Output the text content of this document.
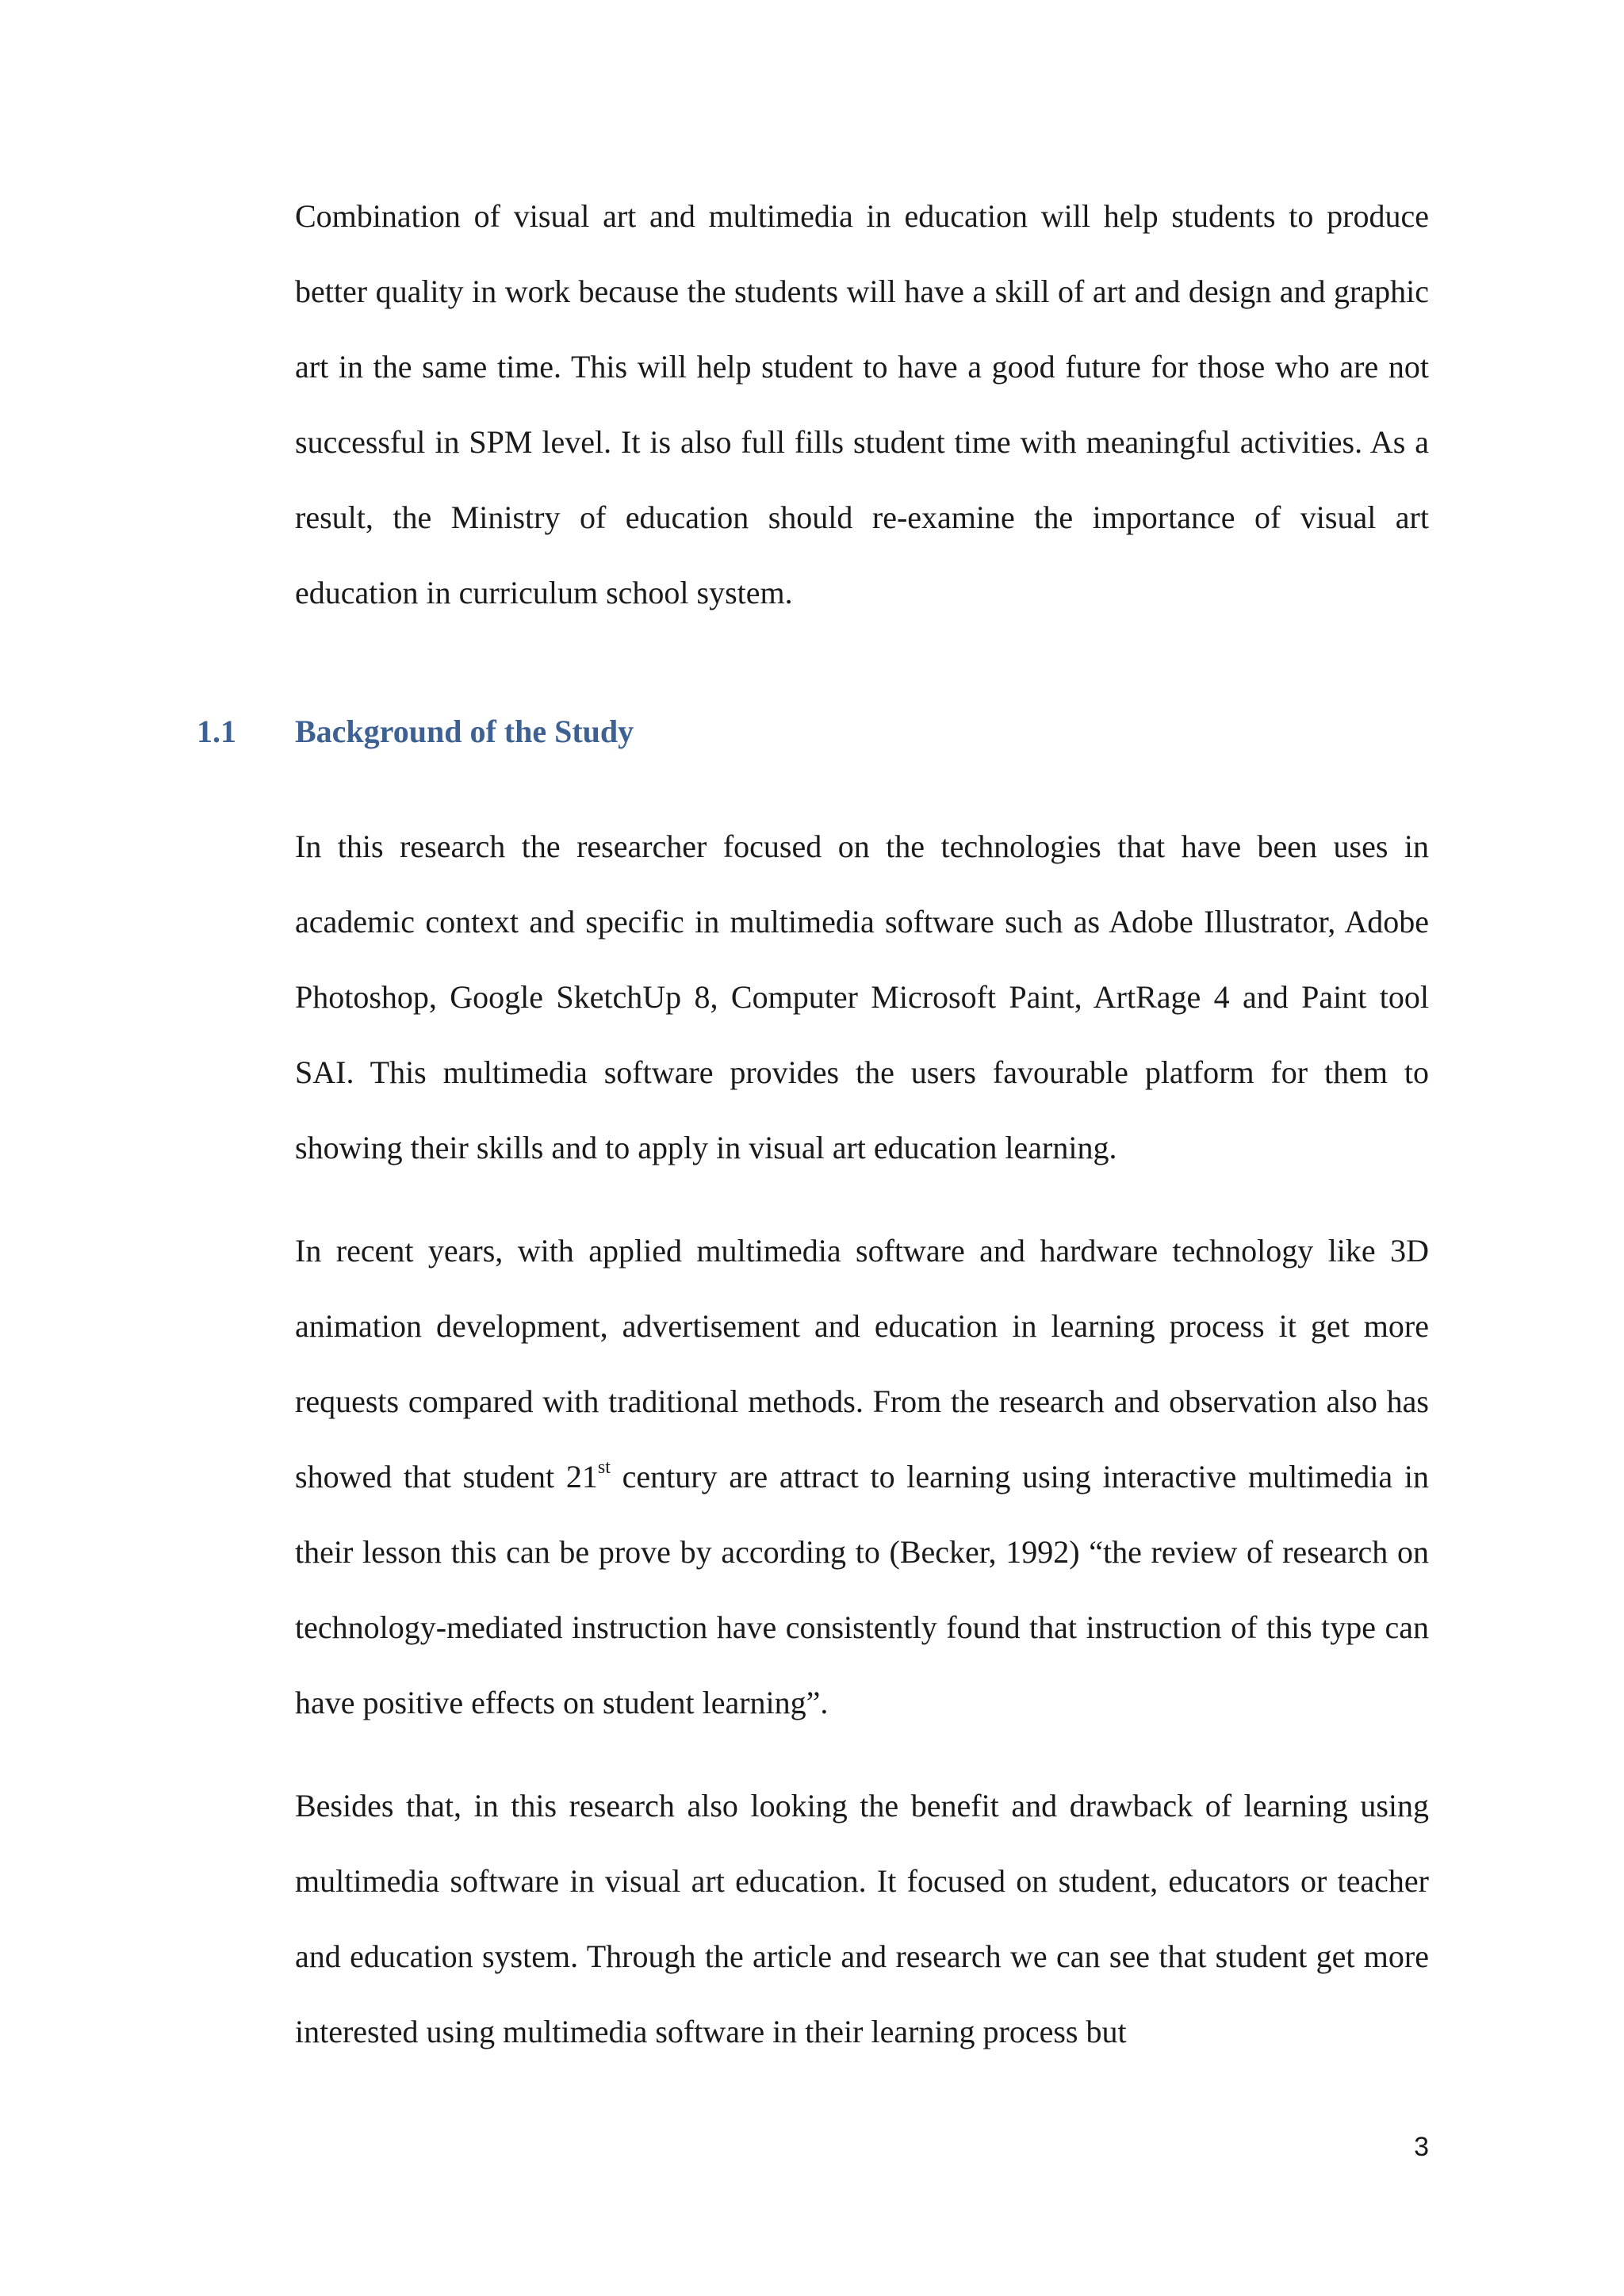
Combination of visual art and multimedia in education will help students to produce better quality in work because the students will have a skill of art and design and graphic art in the same time. This will help student to have a good future for those who are not successful in SPM level. It is also full fills student time with meaningful activities. As a result, the Ministry of education should re-examine the importance of visual art education in curriculum school system.

1.1 Background of the Study

In this research the researcher focused on the technologies that have been uses in academic context and specific in multimedia software such as Adobe Illustrator, Adobe Photoshop, Google SketchUp 8, Computer Microsoft Paint, ArtRage 4 and Paint tool SAI. This multimedia software provides the users favourable platform for them to showing their skills and to apply in visual art education learning.

In recent years, with applied multimedia software and hardware technology like 3D animation development, advertisement and education in learning process it get more requests compared with traditional methods. From the research and observation also has showed that student 21st century are attract to learning using interactive multimedia in their lesson this can be prove by according to (Becker, 1992) “the review of research on technology-mediated instruction have consistently found that instruction of this type can have positive effects on student learning”.

Besides that, in this research also looking the benefit and drawback of learning using multimedia software in visual art education. It focused on student, educators or teacher and education system. Through the article and research we can see that student get more interested using multimedia software in their learning process but

3
